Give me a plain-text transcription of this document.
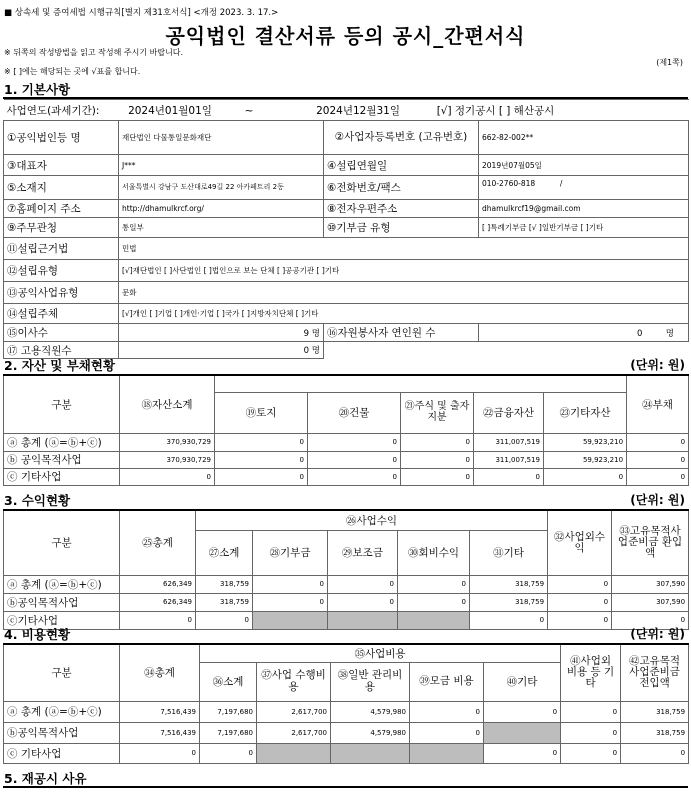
■ 상속세 및 증여세법 시행규칙[별지 제31호서식] <개정 2023. 3. 17.>
공익법인 결산서류 등의 공시_간편서식
※ 뒤쪽의 작성방법을 읽고 작성해 주시기 바랍니다.
※ [ ]에는 해당되는 곳에 √표를 합니다.
(제1쪽)
1. 기본사항
사업연도(과세기간): 2024년01월01일 ~ 2024년12월31일 [√] 정기공시 [ ] 해산공시			
①공익법인등 명	재단법인 다물통일문화재단	②사업자등록번호 (고유번호)	662-82-002**
③대표자	J***	④설립연월일	2019년07월05일
⑤소재지	서울특별시 강남구 도산대로49길 22 아카페트리 2동	⑥전화번호/팩스	010-2760-818 /
⑦홈페이지 주소	http://dhamulkrcf.org/	⑧전자우편주소	dhamulkrcf19@gmail.com
⑨주무관청	통일부	⑩기부금 유형	[ ]특례기부금 [√ ]일반기부금 [ ]기타
⑪설립근거법	민법		
⑫설립유형	[√]재단법인 [ ]사단법인 [ ]법인으로 보는 단체 [ ]공공기관 [ ]기타		
⑬공익사업유형	문화		
⑭설립주체	[√]개인 [ ]기업 [ ]개인·기업 [ ]국가 [ ]지방자치단체 [ ]기타		
⑮이사수	9 명	⑯자원봉사자 연인원 수	0 명
⑰ 고용직원수	0 명		
2. 자산 및 부채현황	(단위: 원)
구분	⑱자산소계						㉔부채
		⑲토지	⑳건물	㉑주식 및 출자지분	㉒금융자산	㉓기타자산	
ⓐ 총계 (ⓐ=ⓑ+ⓒ)	370,930,729	0	0	0	311,007,519	59,923,210	0
ⓑ 공익목적사업	370,930,729	0	0	0	311,007,519	59,923,210	0
ⓒ 기타사업	0	0	0	0	0	0	0
3. 수익현황	(단위: 원)
구분	㉕총계	㉖사업수익					㉜사업외수익	㉝고유목적사업준비금 환입액
		㉗소계	㉘기부금	㉙보조금	㉚회비수익	㉛기타		
ⓐ 총계 (ⓐ=ⓑ+ⓒ)	626,349	318,759	0	0	0	318,759	0	307,590
ⓑ공익목적사업	626,349	318,759	0	0	0	318,759	0	307,590
ⓒ기타사업	0	0				0	0	0
4. 비용현황	(단위: 원)
구분	㉞총계	㉟사업비용					㊶사업외 비용 등 기타	㊷고유목적 사업준비금 전입액
		㊱소계	㊲사업 수행비용	㊳일반 관리비용	㊴모금 비용	㊵기타		
ⓐ 총계 (ⓐ=ⓑ+ⓒ)	7,516,439	7,197,680	2,617,700	4,579,980	0	0	0	318,759
ⓑ공익목적사업	7,516,439	7,197,680	2,617,700	4,579,980	0		0	318,759
ⓒ 기타사업	0	0				0	0	0
5. 재공시 사유
